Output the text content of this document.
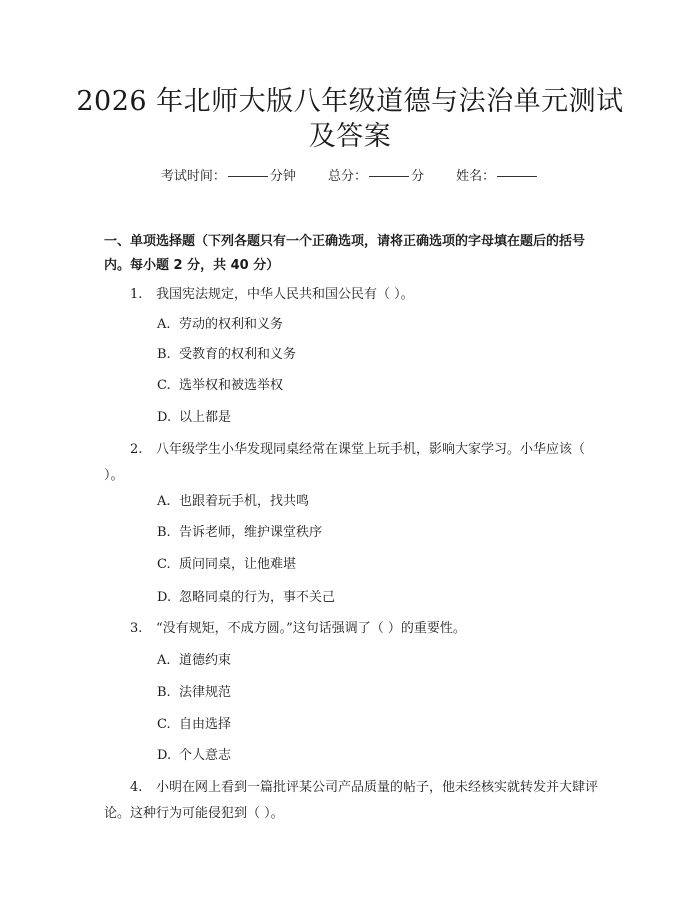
2026 年北师大版八年级道德与法治单元测试
及答案
考试时间：	分钟 总分：	分 姓名：
一、单项选择题（下列各题只有一个正确选项，请将正确选项的字母填在题后的括号内。每小题 2 分，共 40 分）
1. 我国宪法规定，中华人民共和国公民有（ ）。
A. 劳动的权利和义务
B. 受教育的权利和义务
C. 选举权和被选举权
D. 以上都是
2. 八年级学生小华发现同桌经常在课堂上玩手机，影响大家学习。小华应该（ ）。
A. 也跟着玩手机，找共鸣
B. 告诉老师，维护课堂秩序
C. 质问同桌，让他难堪
D. 忽略同桌的行为，事不关己
3. “没有规矩，不成方圆。”这句话强调了（ ）的重要性。
A. 道德约束
B. 法律规范
C. 自由选择
D. 个人意志
4. 小明在网上看到一篇批评某公司产品质量的帖子，他未经核实就转发并大肆评论。这种行为可能侵犯到（ ）。
